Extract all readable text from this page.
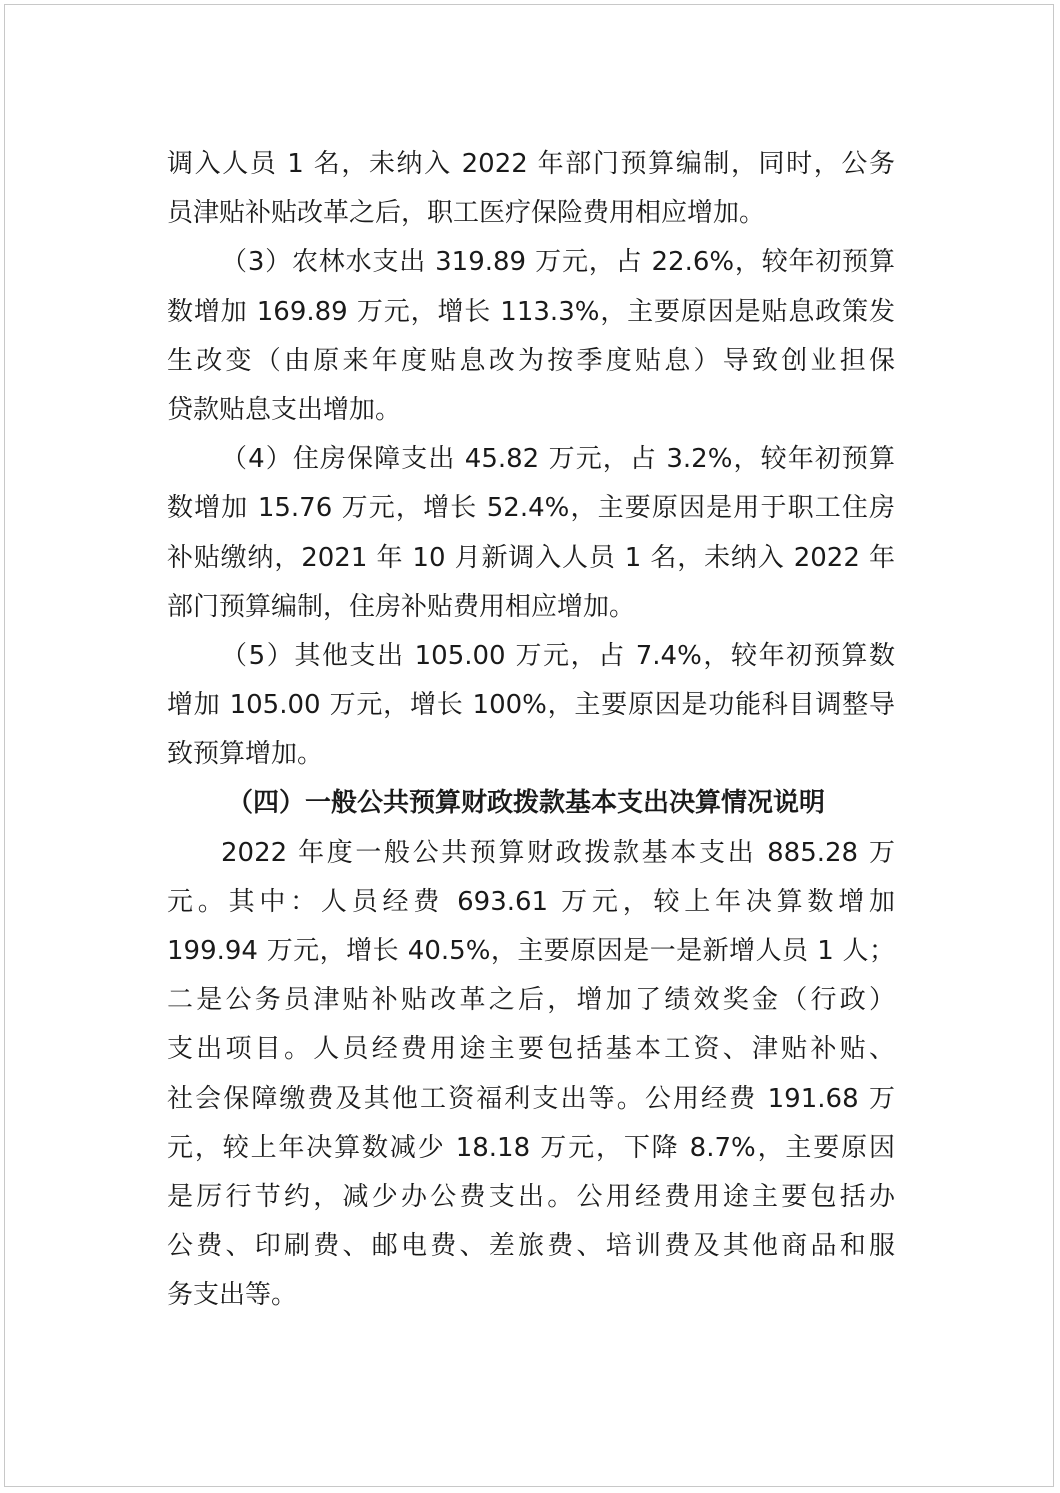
调入人员 1 名，未纳入 2022 年部门预算编制，同时，公务
员津贴补贴改革之后，职工医疗保险费用相应增加。
（3）农林水支出 319.89 万元，占 22.6%，较年初预算
数增加 169.89 万元，增长 113.3%，主要原因是贴息政策发
生改变（由原来年度贴息改为按季度贴息）导致创业担保
贷款贴息支出增加。
（4）住房保障支出 45.82 万元，占 3.2%，较年初预算
数增加 15.76 万元，增长 52.4%，主要原因是用于职工住房
补贴缴纳，2021 年 10 月新调入人员 1 名，未纳入 2022 年
部门预算编制，住房补贴费用相应增加。
（5）其他支出 105.00 万元，占 7.4%，较年初预算数
增加 105.00 万元，增长 100%，主要原因是功能科目调整导
致预算增加。
（四）一般公共预算财政拨款基本支出决算情况说明
2022 年度一般公共预算财政拨款基本支出 885.28 万
元。其中：人员经费 693.61 万元，较上年决算数增加
199.94 万元，增长 40.5%，主要原因是一是新增人员 1 人；
二是公务员津贴补贴改革之后，增加了绩效奖金（行政）
支出项目。人员经费用途主要包括基本工资、津贴补贴、
社会保障缴费及其他工资福利支出等。公用经费 191.68 万
元，较上年决算数减少 18.18 万元，下降 8.7%，主要原因
是厉行节约，减少办公费支出。公用经费用途主要包括办
公费、印刷费、邮电费、差旅费、培训费及其他商品和服
务支出等。
